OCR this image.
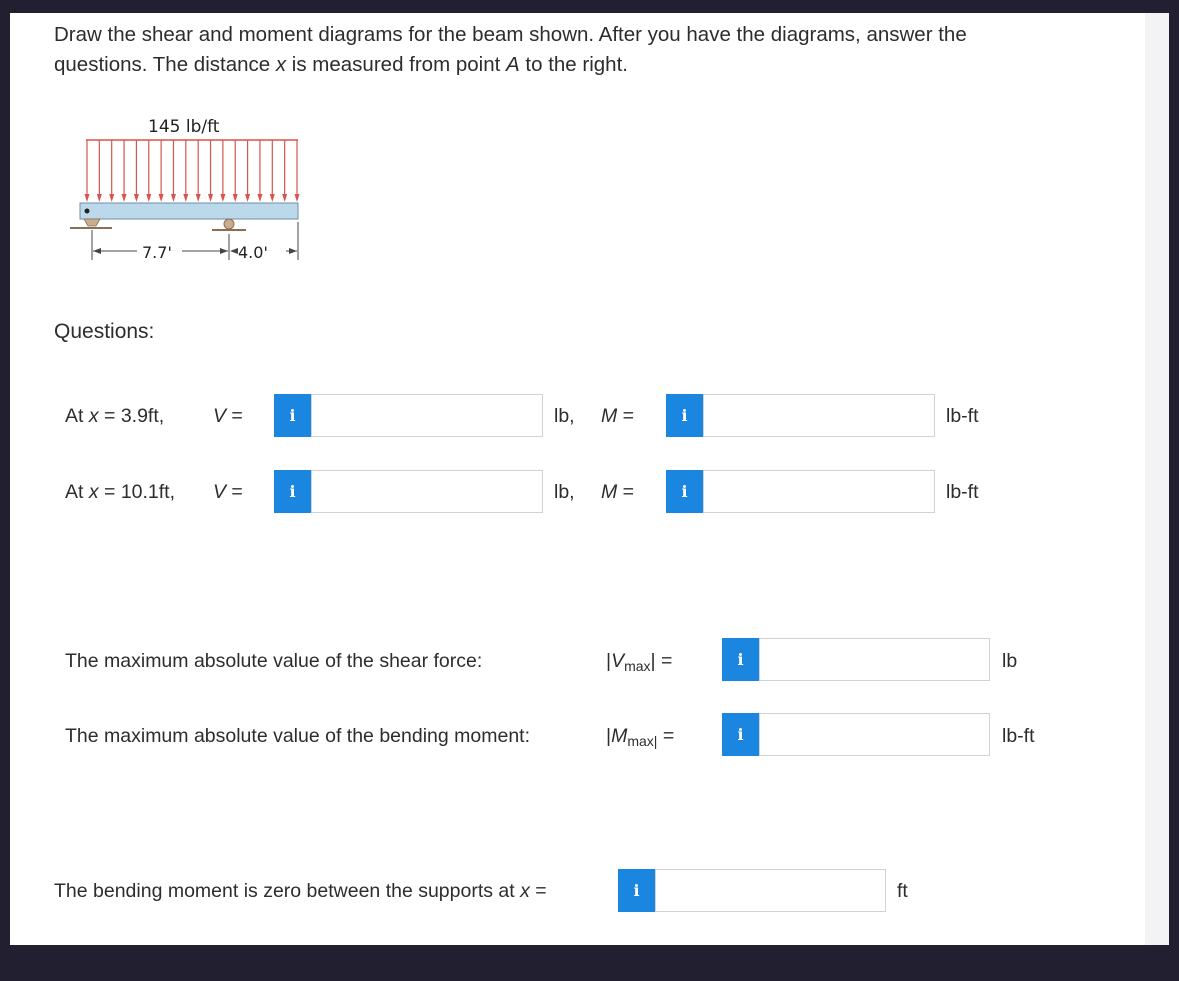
Draw the shear and moment diagrams for the beam shown. After you have the diagrams, answer the questions. The distance x is measured from point A to the right.

145 lb/ft
7.7'	4.0'
Questions:
At x = 3.9ft,	V =	i	lb, M =	i	lb-ft
At x = 10.1ft, V =	i	lb, M =	i	lb-ft
The maximum absolute value of the shear force:	$|V_{max}|$ =	i	lb
The maximum absolute value of the bending moment:	$|M_{max|}$ =	i	lb-ft
The bending moment is zero between the supports at x =	i	ft
